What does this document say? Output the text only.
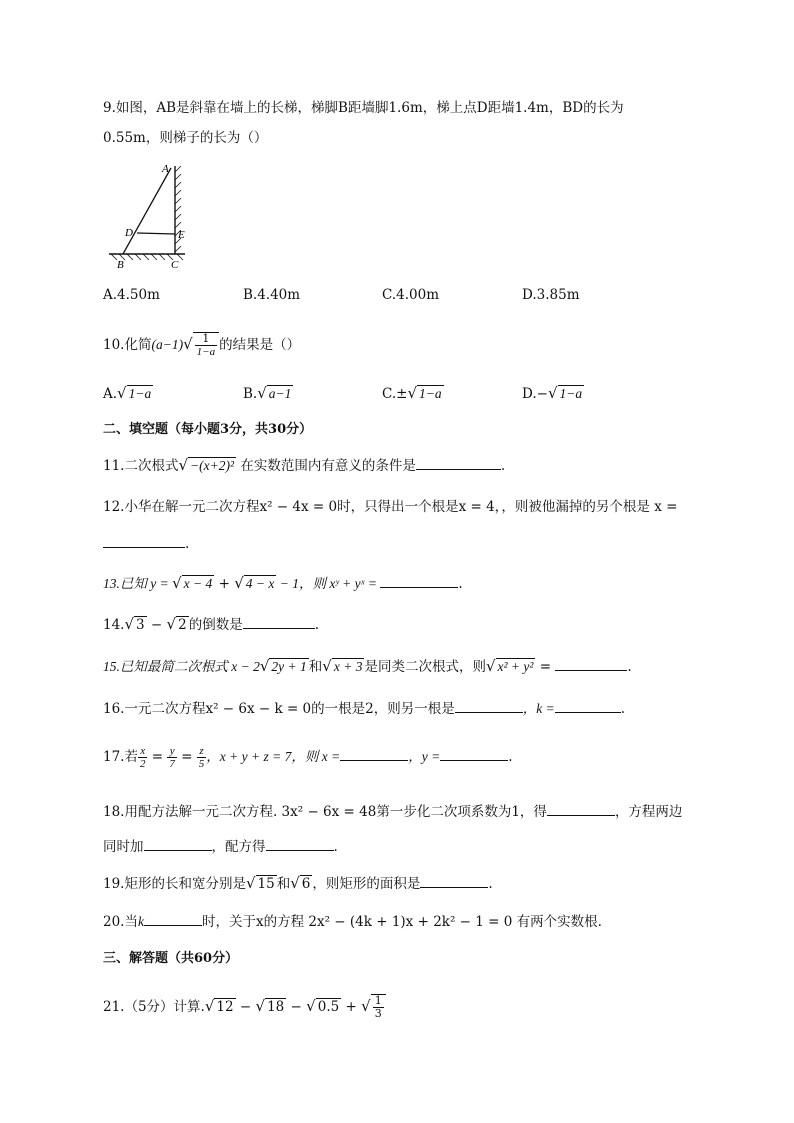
9.如图，AB是斜靠在墙上的长梯，梯脚B距墙脚1.6m，梯上点D距墙1.4m，BD的长为
0.55m，则梯子的长为（）
A
D	E
B	C
A.4.50m	B.4.40m	C.4.00m	D.3.85m
10.化简$(a-1)√ \frac{1}{1-a}$ 的结果是（）
A.√ 1−a	B.√ a−1	C.±√ 1−a	D.−√ 1−a
二、填空题（每小题3分，共30分）
11.二次根式√ −(x+2)² 在实数范围内有意义的条件是	.
12.小华在解一元二次方程x² − 4x = 0时，只得出一个根是x = 4，，则被他漏掉的另个根是 x =
.
13.已知 y = √ x − 4 + √ 4 − x − 1，则 xʸ + yˣ =	.
14.√ 3 − √ 2 的倒数是	.
15.已知最简二次根式 x − 2√ 2y + 1 和√ x + 3 是同类二次根式，则√ x² + y² =	.
16.一元二次方程x² − 6x − k = 0的一根是2，则另一根是	，k =	.
17.若 $\frac{x}{2} = \frac{y}{7} = \frac{z}{5}$ ，x + y + z = 7，则 x =	，y =	.
18.用配方法解一元二次方程. 3x² − 6x = 48第一步化二次项系数为1，得	，方程两边
同时加	，配方得	.
19.矩形的长和宽分别是√ 15 和√ 6 ，则矩形的面积是	.
20.当k	时，关于x的方程 2x² − (4k + 1)x + 2k² − 1 = 0 有两个实数根.
三、解答题（共60分）
21.（5分）计算.√ 12 − √ 18 − √ 0.5 + √ $\frac{1}{3}$
